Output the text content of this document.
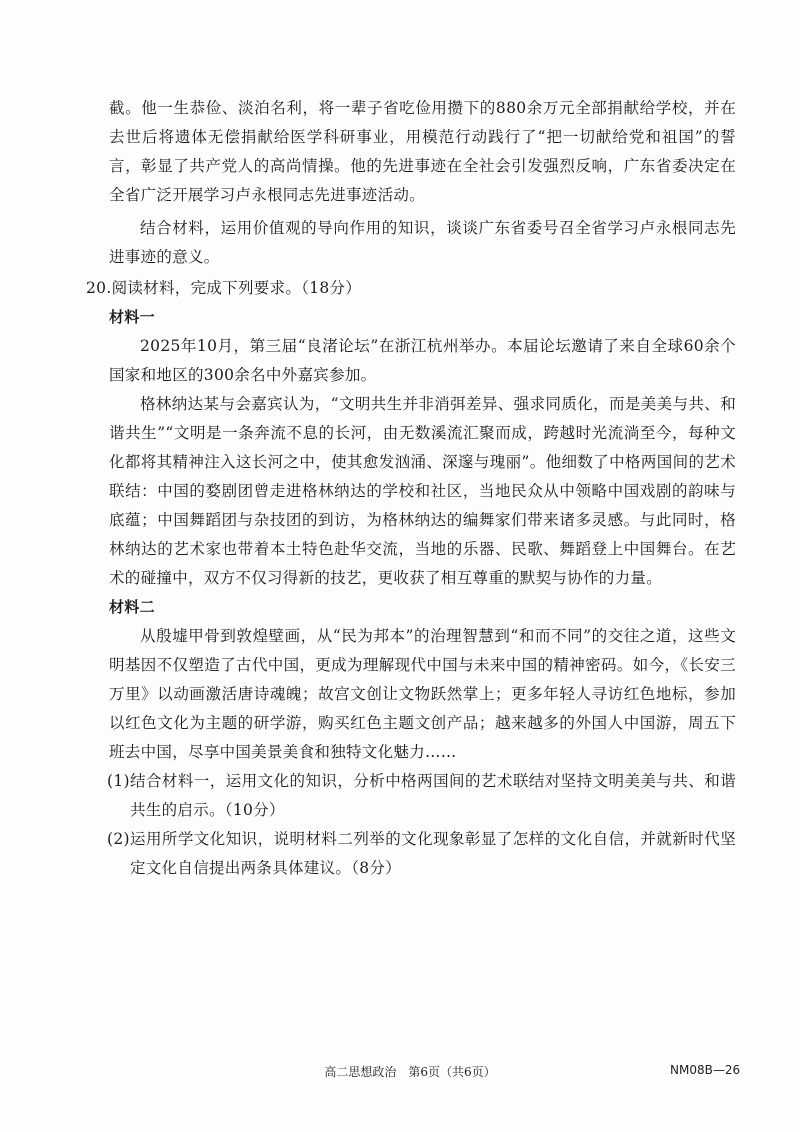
截。他一生恭俭、淡泊名利，将一辈子省吃俭用攒下的880余万元全部捐献给学校，并在去世后将遗体无偿捐献给医学科研事业，用模范行动践行了“把一切献给党和祖国”的誓言，彰显了共产党人的高尚情操。他的先进事迹在全社会引发强烈反响，广东省委决定在全省广泛开展学习卢永根同志先进事迹活动。

结合材料，运用价值观的导向作用的知识，谈谈广东省委号召全省学习卢永根同志先进事迹的意义。

20.阅读材料，完成下列要求。（18分）

材料一

2025年10月，第三届“良渚论坛”在浙江杭州举办。本届论坛邀请了来自全球60余个国家和地区的300余名中外嘉宾参加。

格林纳达某与会嘉宾认为，“文明共生并非消弭差异、强求同质化，而是美美与共、和谐共生”“文明是一条奔流不息的长河，由无数溪流汇聚而成，跨越时光流淌至今，每种文化都将其精神注入这长河之中，使其愈发汹涌、深邃与瑰丽”。他细数了中格两国间的艺术联结：中国的婺剧团曾走进格林纳达的学校和社区，当地民众从中领略中国戏剧的韵味与底蕴；中国舞蹈团与杂技团的到访，为格林纳达的编舞家们带来诸多灵感。与此同时，格林纳达的艺术家也带着本土特色赴华交流，当地的乐器、民歌、舞蹈登上中国舞台。在艺术的碰撞中，双方不仅习得新的技艺，更收获了相互尊重的默契与协作的力量。

材料二

从殷墟甲骨到敦煌壁画，从“民为邦本”的治理智慧到“和而不同”的交往之道，这些文明基因不仅塑造了古代中国，更成为理解现代中国与未来中国的精神密码。如今，《长安三万里》以动画激活唐诗魂魄；故宫文创让文物跃然掌上；更多年轻人寻访红色地标，参加以红色文化为主题的研学游，购买红色主题文创产品；越来越多的外国人中国游，周五下班去中国，尽享中国美景美食和独特文化魅力……

(1)结合材料一，运用文化的知识，分析中格两国间的艺术联结对坚持文明美美与共、和谐共生的启示。（10分）

(2)运用所学文化知识，说明材料二列举的文化现象彰显了怎样的文化自信，并就新时代坚定文化自信提出两条具体建议。（8分）

高二思想政治　第6页（共6页）	NM08B—26
